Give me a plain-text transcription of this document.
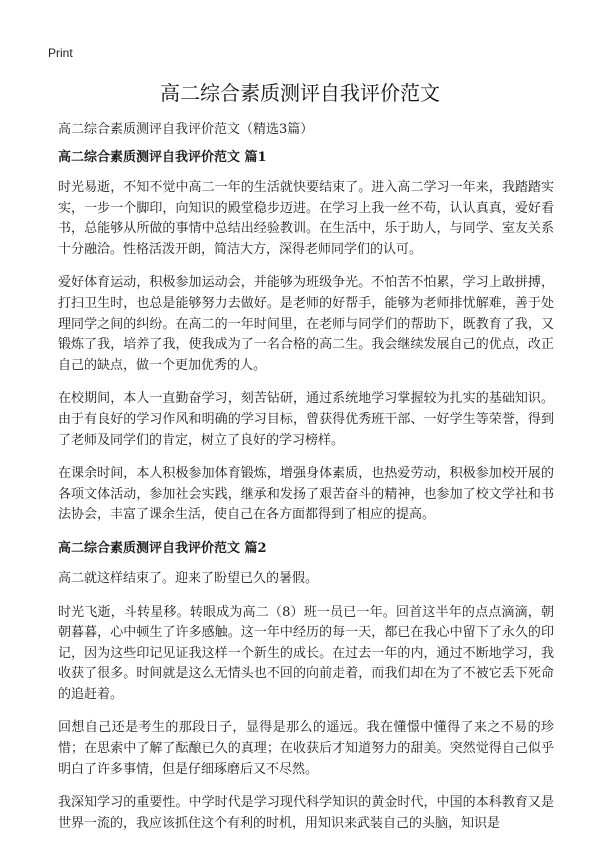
Print
高二综合素质测评自我评价范文

高二综合素质测评自我评价范文（精选3篇）

高二综合素质测评自我评价范文 篇1

时光易逝，不知不觉中高二一年的生活就快要结束了。进入高二学习一年来，我踏踏实实，一步一个脚印，向知识的殿堂稳步迈进。在学习上我一丝不苟，认认真真，爱好看书，总能够从所做的事情中总结出经验教训。在生活中，乐于助人，与同学、室友关系十分融洽。性格活泼开朗，简洁大方，深得老师同学们的认可。

爱好体育运动，积极参加运动会，并能够为班级争光。不怕苦不怕累，学习上敢拼搏，打扫卫生时，也总是能够努力去做好。是老师的好帮手，能够为老师排忧解难，善于处理同学之间的纠纷。在高二的一年时间里，在老师与同学们的帮助下，既教育了我，又锻炼了我，培养了我，使我成为了一名合格的高二生。我会继续发展自己的优点，改正自己的缺点，做一个更加优秀的人。

在校期间，本人一直勤奋学习，刻苦钻研，通过系统地学习掌握较为扎实的基础知识。由于有良好的学习作风和明确的学习目标，曾获得优秀班干部、一好学生等荣誉，得到了老师及同学们的肯定，树立了良好的学习榜样。

在课余时间，本人积极参加体育锻炼，增强身体素质，也热爱劳动，积极参加校开展的各项文体活动，参加社会实践，继承和发扬了艰苦奋斗的精神，也参加了校文学社和书法协会，丰富了课余生活，使自己在各方面都得到了相应的提高。

高二综合素质测评自我评价范文 篇2

高二就这样结束了。迎来了盼望已久的暑假。

时光飞逝，斗转星移。转眼成为高二（8）班一员已一年。回首这半年的点点滴滴，朝朝暮暮，心中顿生了许多感触。这一年中经历的每一天，都已在我心中留下了永久的印记，因为这些印记见证我这样一个新生的成长。在过去一年的内，通过不断地学习，我收获了很多。时间就是这么无情头也不回的向前走着，而我们却在为了不被它丢下死命的追赶着。

回想自己还是考生的那段日子，显得是那么的遥远。我在懂憬中懂得了来之不易的珍惜；在思索中了解了酝酿已久的真理；在收获后才知道努力的甜美。突然觉得自己似乎明白了许多事情，但是仔细琢磨后又不尽然。

我深知学习的重要性。中学时代是学习现代科学知识的黄金时代，中国的本科教育又是世界一流的，我应该抓住这个有利的时机，用知识来武装自己的头脑，知识是
